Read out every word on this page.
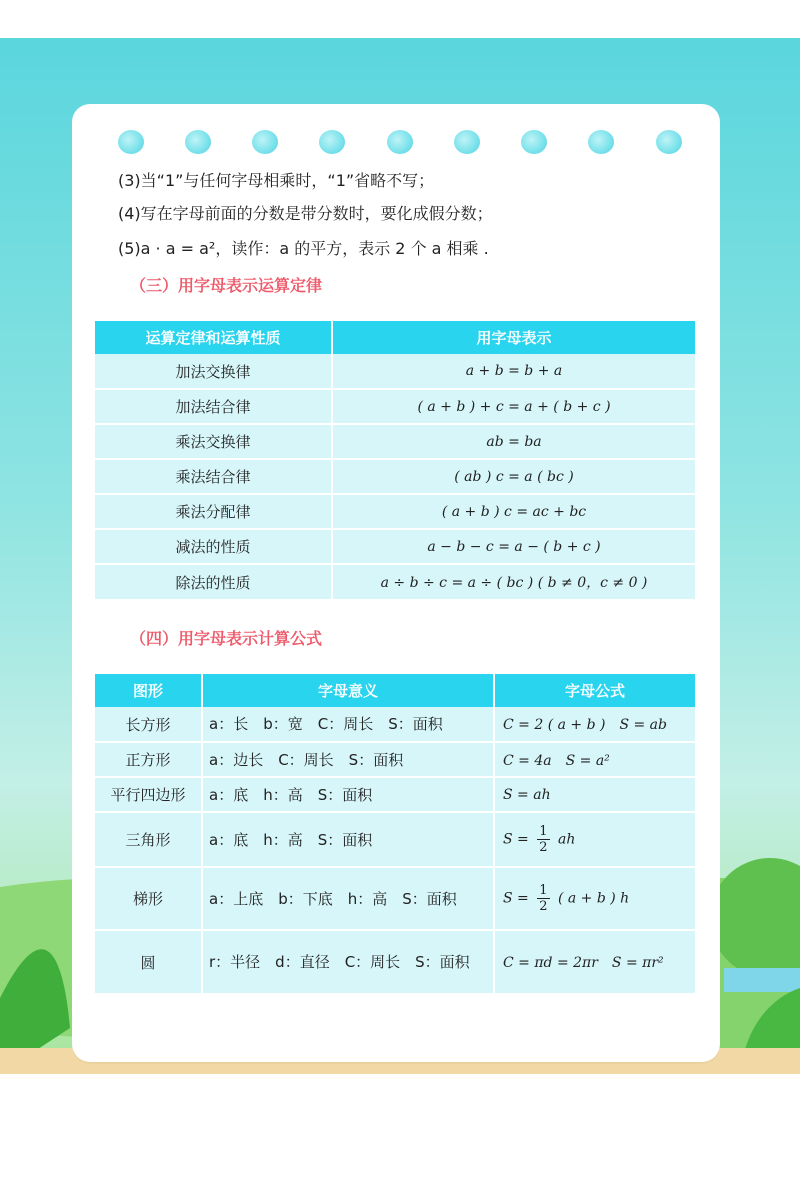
(3)当“1”与任何字母相乘时，“1”省略不写；
(4)写在字母前面的分数是带分数时，要化成假分数；
(5)a · a = a²，读作：a 的平方，表示 2 个 a 相乘 .
（三）用字母表示运算定律
运算定律和运算性质	用字母表示
加法交换律	a + b = b + a
加法结合律	( a + b ) + c = a + ( b + c )
乘法交换律	ab = ba
乘法结合律	( ab ) c = a ( bc )
乘法分配律	( a + b ) c = ac + bc
减法的性质	a − b − c = a − ( b + c )
除法的性质	a ÷ b ÷ c = a ÷ ( bc ) ( b ≠ 0，c ≠ 0 )
（四）用字母表示计算公式
图形	字母意义	字母公式
长方形	a：长　b：宽　C：周长　S：面积	C = 2 ( a + b )　S = ab
正方形	a：边长　C：周长　S：面积	C = 4a　S = a²
平行四边形	a：底　h：高　S：面积	S = ah
三角形	a：底　h：高　S：面积	$S = \frac{1}{2}$ ah
梯形	a：上底　b：下底　h：高　S：面积	$S = \frac{1}{2}$ ( a + b ) h
圆	r：半径　d：直径　C：周长　S：面积	C = πd = 2πr　S = πr²
